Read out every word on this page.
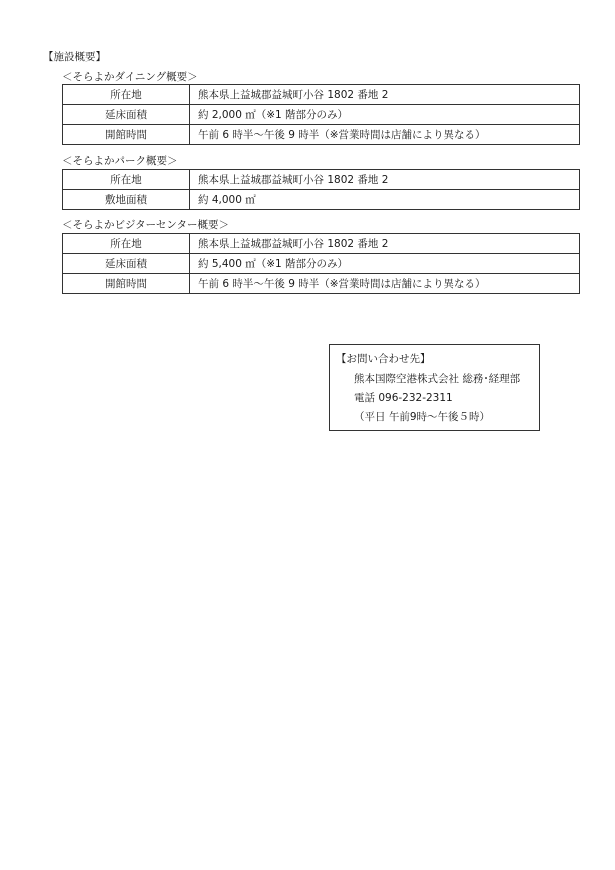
【施設概要】
＜そらよかダイニング概要＞
所在地	熊本県上益城郡益城町小谷 1802 番地 2
延床面積	約 2,000 ㎡（※1 階部分のみ）
開館時間	午前 6 時半～午後 9 時半（※営業時間は店舗により異なる）
＜そらよかパーク概要＞
所在地	熊本県上益城郡益城町小谷 1802 番地 2
敷地面積	約 4,000 ㎡
＜そらよかビジターセンター概要＞
所在地	熊本県上益城郡益城町小谷 1802 番地 2
延床面積	約 5,400 ㎡（※1 階部分のみ）
開館時間	午前 6 時半～午後 9 時半（※営業時間は店舗により異なる）
【お問い合わせ先】
熊本国際空港株式会社 総務･経理部
電話 096-232-2311
（平日 午前9時～午後５時）
